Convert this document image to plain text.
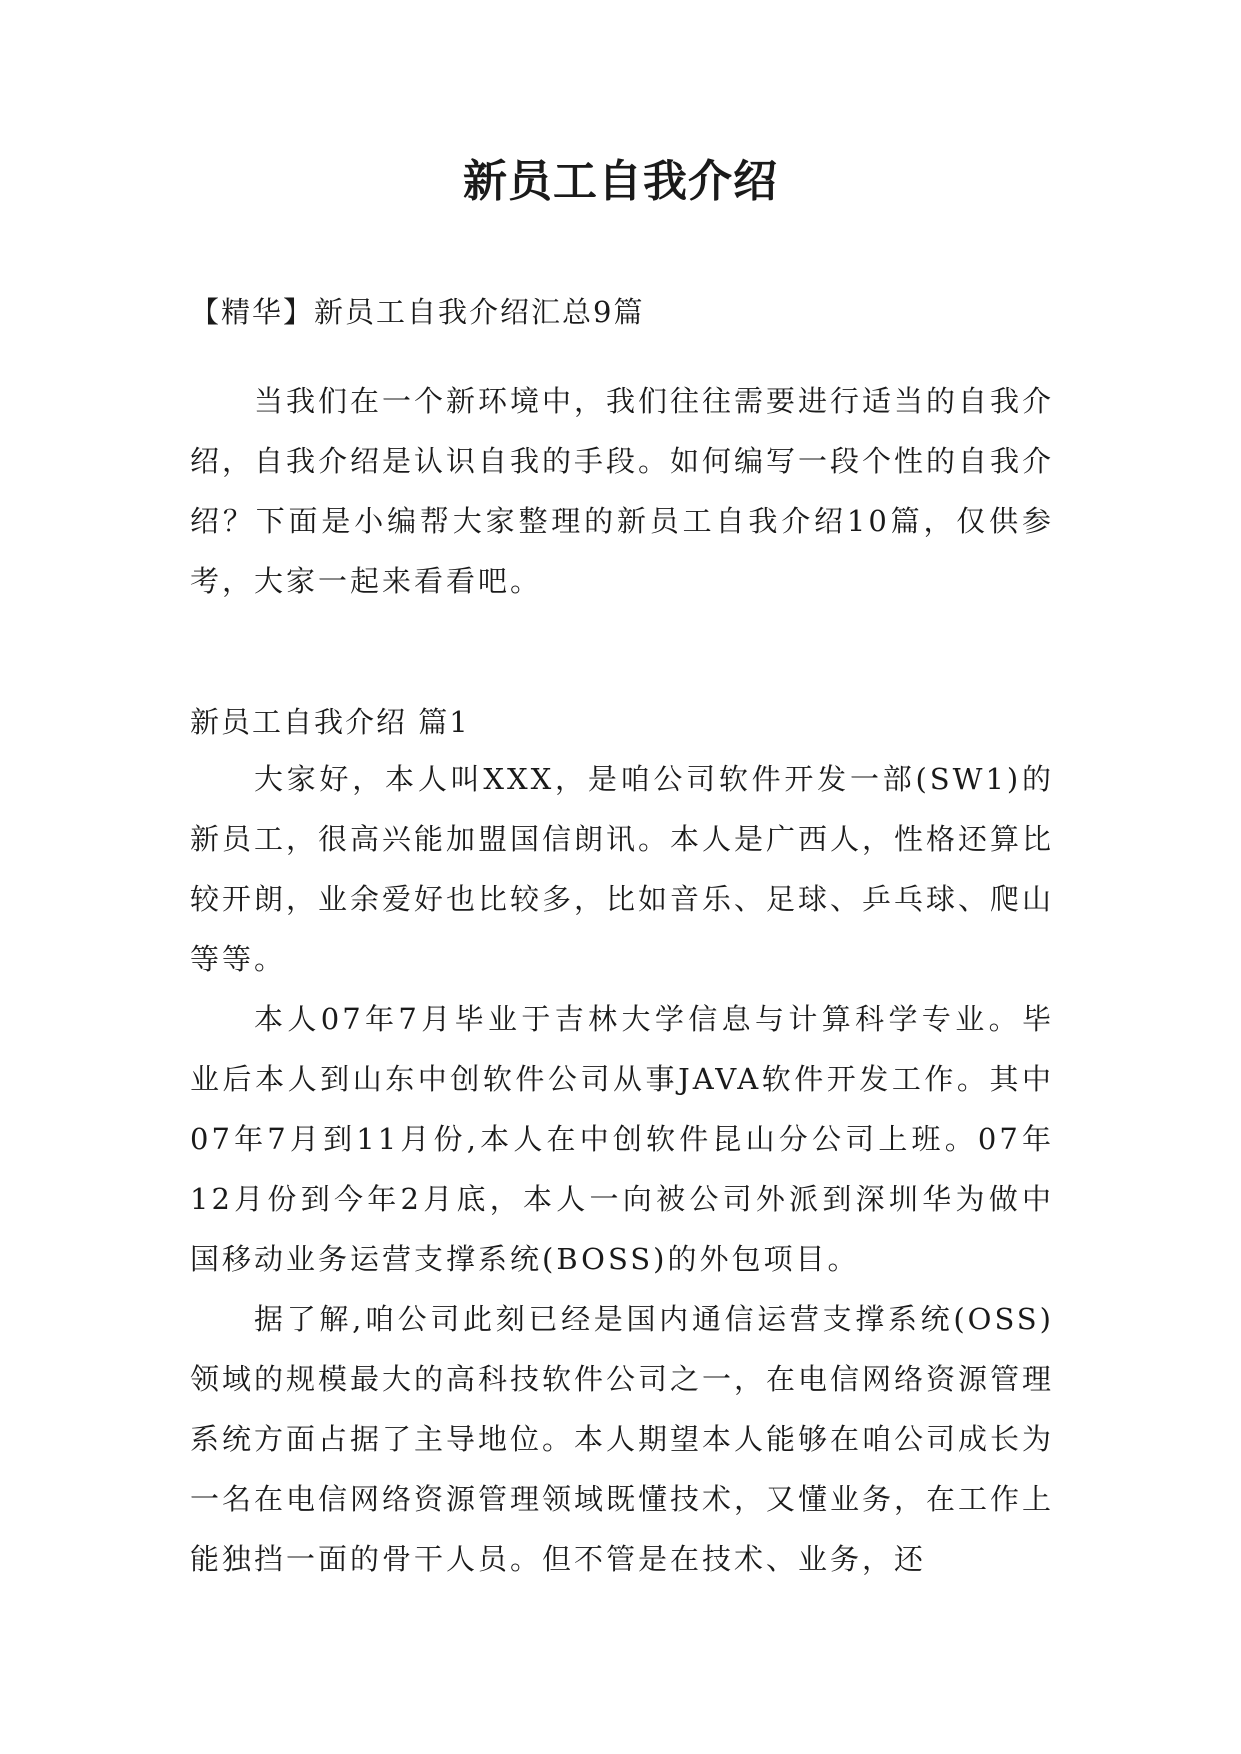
新员工自我介绍

【精华】新员工自我介绍汇总9篇

当我们在一个新环境中，我们往往需要进行适当的自我介绍，自我介绍是认识自我的手段。如何编写一段个性的自我介绍？下面是小编帮大家整理的新员工自我介绍10篇，仅供参考，大家一起来看看吧。

新员工自我介绍 篇1

大家好，本人叫XXX，是咱公司软件开发一部(SW1)的新员工，很高兴能加盟国信朗讯。本人是广西人，性格还算比较开朗，业余爱好也比较多，比如音乐、足球、乒乓球、爬山等等。

本人07年7月毕业于吉林大学信息与计算科学专业。毕业后本人到山东中创软件公司从事JAVA软件开发工作。其中07年7月到11月份,本人在中创软件昆山分公司上班。07年12月份到今年2月底，本人一向被公司外派到深圳华为做中国移动业务运营支撑系统(BOSS)的外包项目。

据了解,咱公司此刻已经是国内通信运营支撑系统(OSS)领域的规模最大的高科技软件公司之一，在电信网络资源管理系统方面占据了主导地位。本人期望本人能够在咱公司成长为一名在电信网络资源管理领域既懂技术，又懂业务，在工作上能独挡一面的骨干人员。但不管是在技术、业务，还
